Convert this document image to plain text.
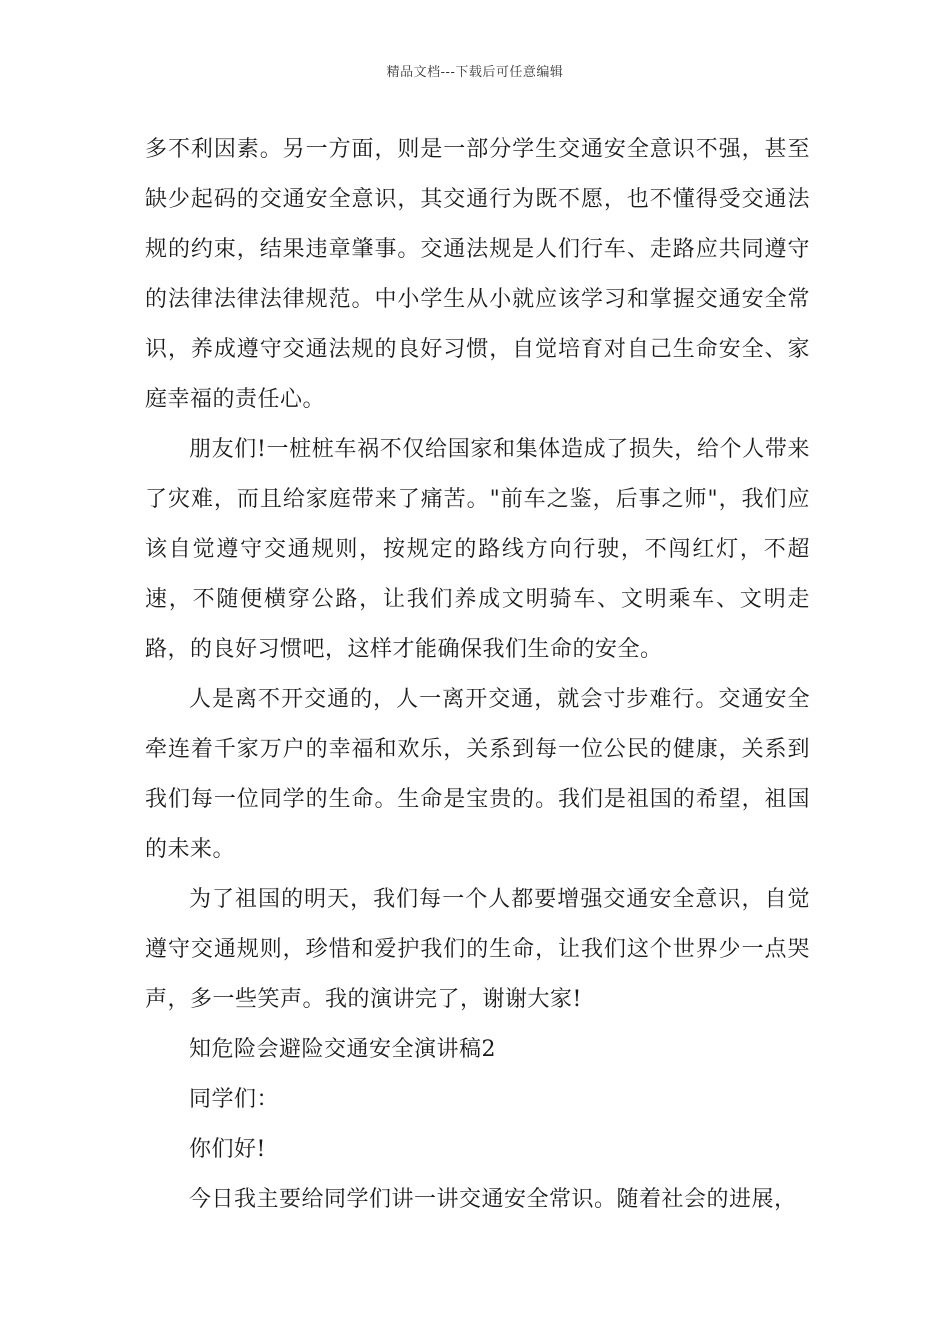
精品文档---下载后可任意编辑

多不利因素。另一方面，则是一部分学生交通安全意识不强，甚至缺少起码的交通安全意识，其交通行为既不愿，也不懂得受交通法规的约束，结果违章肇事。交通法规是人们行车、走路应共同遵守的法律法律法律规范。中小学生从小就应该学习和掌握交通安全常识，养成遵守交通法规的良好习惯，自觉培育对自己生命安全、家庭幸福的责任心。

朋友们!一桩桩车祸不仅给国家和集体造成了损失，给个人带来了灾难，而且给家庭带来了痛苦。"前车之鉴，后事之师"，我们应该自觉遵守交通规则，按规定的路线方向行驶，不闯红灯，不超速，不随便横穿公路，让我们养成文明骑车、文明乘车、文明走路，的良好习惯吧，这样才能确保我们生命的安全。

人是离不开交通的，人一离开交通，就会寸步难行。交通安全牵连着千家万户的幸福和欢乐，关系到每一位公民的健康，关系到我们每一位同学的生命。生命是宝贵的。我们是祖国的希望，祖国的未来。

为了祖国的明天，我们每一个人都要增强交通安全意识，自觉遵守交通规则，珍惜和爱护我们的生命，让我们这个世界少一点哭声，多一些笑声。我的演讲完了，谢谢大家!

知危险会避险交通安全演讲稿2

同学们：

你们好!

今日我主要给同学们讲一讲交通安全常识。随着社会的进展，
